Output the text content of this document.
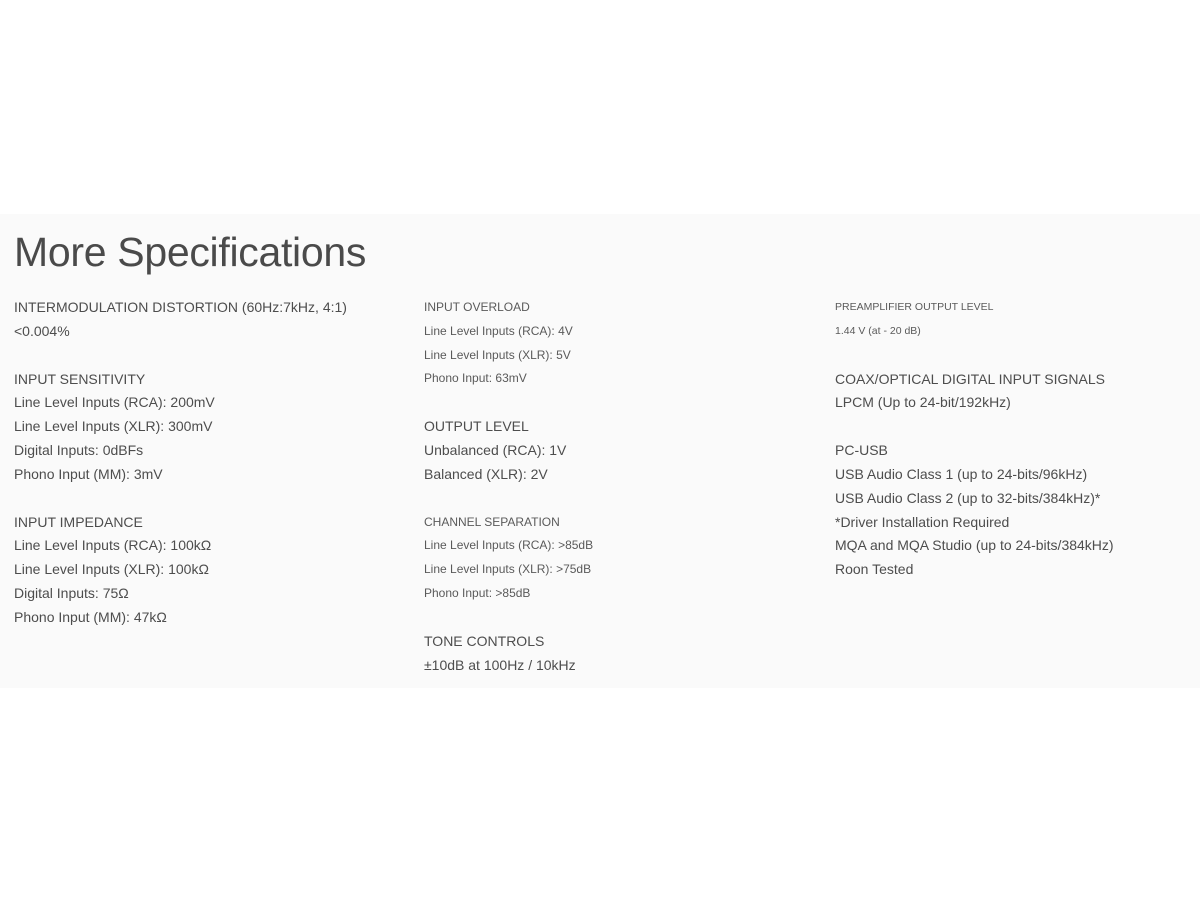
More Specifications
INTERMODULATION DISTORTION (60Hz:7kHz, 4:1)
<0.004%
INPUT SENSITIVITY
Line Level Inputs (RCA): 200mV
Line Level Inputs (XLR): 300mV
Digital Inputs: 0dBFs
Phono Input (MM): 3mV
INPUT IMPEDANCE
Line Level Inputs (RCA): 100kΩ
Line Level Inputs (XLR): 100kΩ
Digital Inputs: 75Ω
Phono Input (MM): 47kΩ
INPUT OVERLOAD
Line Level Inputs (RCA): 4V
Line Level Inputs (XLR): 5V
Phono Input: 63mV
OUTPUT LEVEL
Unbalanced (RCA): 1V
Balanced (XLR): 2V
CHANNEL SEPARATION
Line Level Inputs (RCA): >85dB
Line Level Inputs (XLR): >75dB
Phono Input: >85dB
TONE CONTROLS
±10dB at 100Hz / 10kHz
PREAMPLIFIER OUTPUT LEVEL
1.44 V (at - 20 dB)
COAX/OPTICAL DIGITAL INPUT SIGNALS
LPCM (Up to 24-bit/192kHz)
PC-USB
USB Audio Class 1 (up to 24-bits/96kHz)
USB Audio Class 2 (up to 32-bits/384kHz)*
*Driver Installation Required
MQA and MQA Studio (up to 24-bits/384kHz)
Roon Tested
